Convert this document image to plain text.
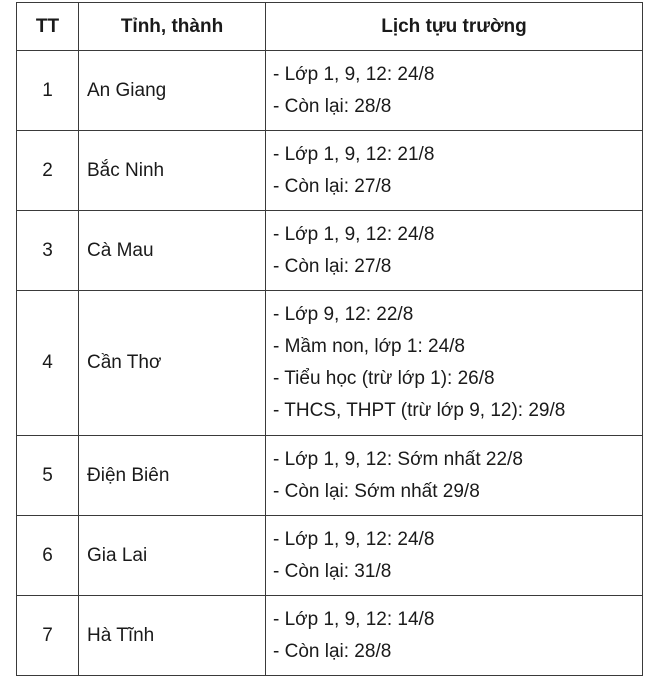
TT	Tỉnh, thành	Lịch tựu trường
1	An Giang	- Lớp 1, 9, 12: 24/8
- Còn lại: 28/8

2	Bắc Ninh	- Lớp 1, 9, 12: 21/8
- Còn lại: 27/8

3	Cà Mau	- Lớp 1, 9, 12: 24/8
- Còn lại: 27/8

4	Cần Thơ	- Lớp 9, 12: 22/8
- Mầm non, lớp 1: 24/8
- Tiểu học (trừ lớp 1): 26/8
- THCS, THPT (trừ lớp 9, 12): 29/8

5	Điện Biên	- Lớp 1, 9, 12: Sớm nhất 22/8
- Còn lại: Sớm nhất 29/8

6	Gia Lai	- Lớp 1, 9, 12: 24/8
- Còn lại: 31/8

7	Hà Tĩnh	- Lớp 1, 9, 12: 14/8
- Còn lại: 28/8
